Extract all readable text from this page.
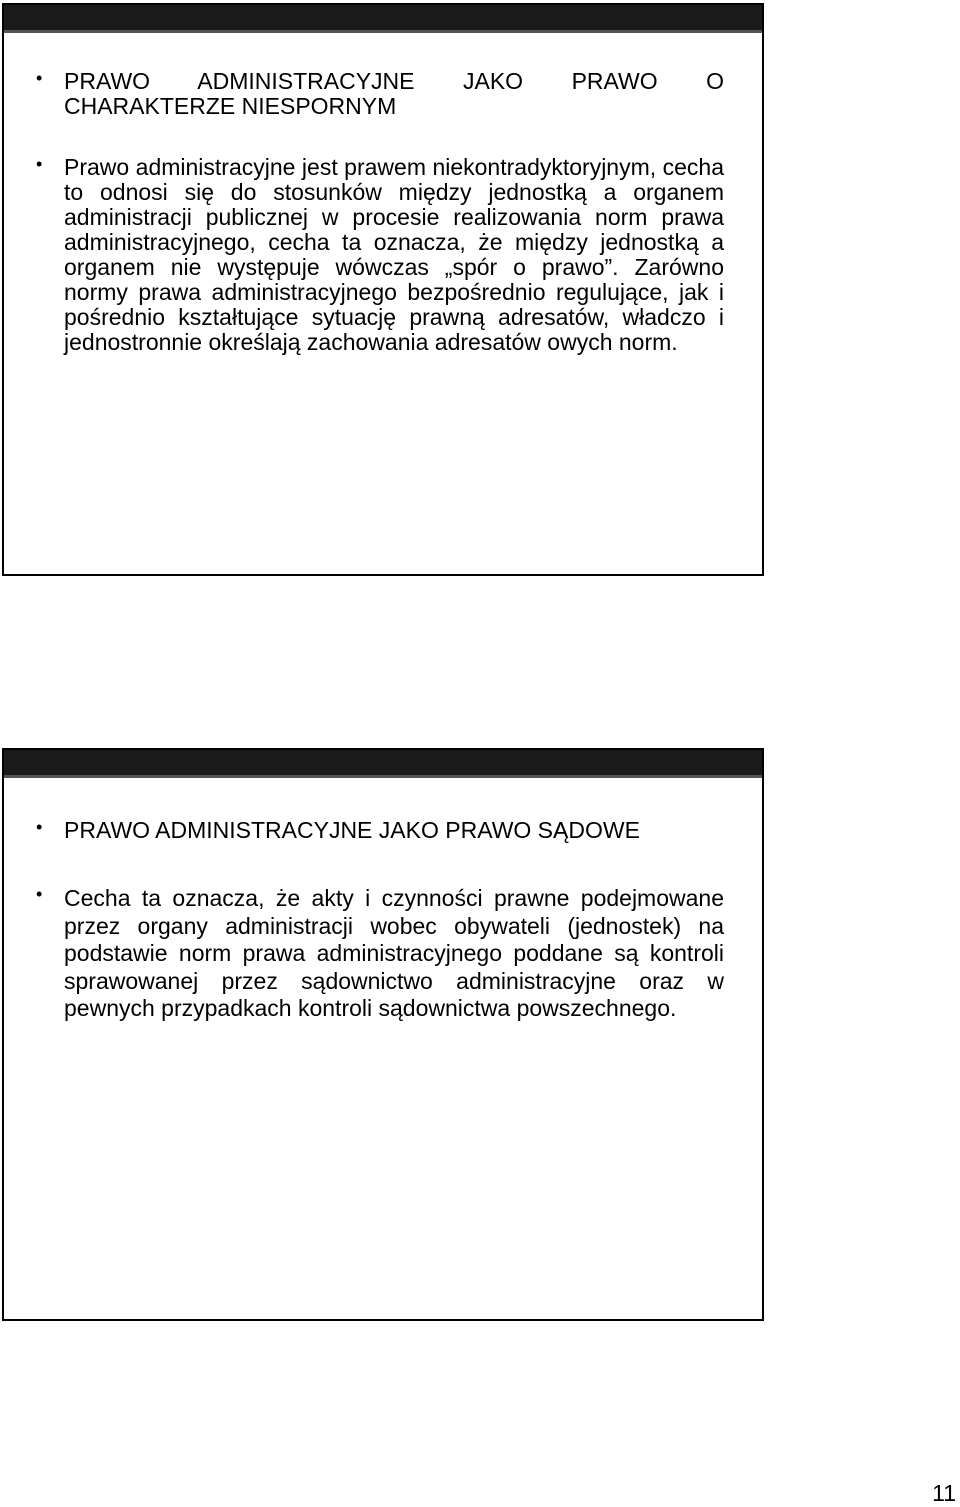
• PRAWO ADMINISTRACYJNE JAKO PRAWO O CHARAKTERZE NIESPORNYM
• Prawo administracyjne jest prawem niekontradyktoryjnym, cecha to odnosi się do stosunków między jednostką a organem administracji publicznej w procesie realizowania norm prawa administracyjnego, cecha ta oznacza, że między jednostką a organem nie występuje wówczas „spór o prawo”. Zarówno normy prawa administracyjnego bezpośrednio regulujące, jak i pośrednio kształtujące sytuację prawną adresatów, władczo i jednostronnie określają zachowania adresatów owych norm.
• PRAWO ADMINISTRACYJNE JAKO PRAWO SĄDOWE
• Cecha ta oznacza, że akty i czynności prawne podejmowane przez organy administracji wobec obywateli (jednostek) na podstawie norm prawa administracyjnego poddane są kontroli sprawowanej przez sądownictwo administracyjne oraz w pewnych przypadkach kontroli sądownictwa powszechnego.
11
